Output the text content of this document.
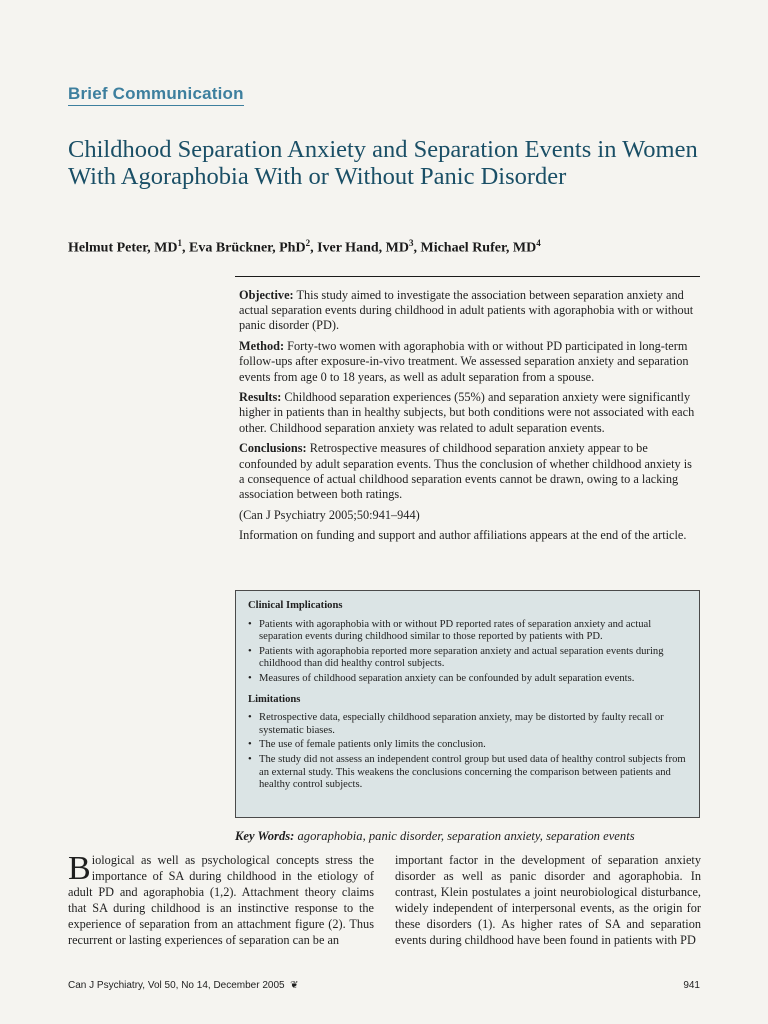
Brief Communication
Childhood Separation Anxiety and Separation Events in Women With Agoraphobia With or Without Panic Disorder
Helmut Peter, $MD^1$, Eva Brückner, PhD$^2$, Iver Hand, $MD^3$, Michael Rufer, $MD^4$

Objective: This study aimed to investigate the association between separation anxiety and actual separation events during childhood in adult patients with agoraphobia with or without panic disorder (PD).

Method: Forty-two women with agoraphobia with or without PD participated in long-term follow-ups after exposure-in-vivo treatment. We assessed separation anxiety and separation events from age 0 to 18 years, as well as adult separation from a spouse.

Results: Childhood separation experiences (55%) and separation anxiety were significantly higher in patients than in healthy subjects, but both conditions were not associated with each other. Childhood separation anxiety was related to adult separation events.

Conclusions: Retrospective measures of childhood separation anxiety appear to be confounded by adult separation events. Thus the conclusion of whether childhood anxiety is a consequence of actual childhood separation events cannot be drawn, owing to a lacking association between both ratings.

(Can J Psychiatry 2005;50:941–944)

Information on funding and support and author affiliations appears at the end of the article.

Clinical Implications
• Patients with agoraphobia with or without PD reported rates of separation anxiety and actual separation events during childhood similar to those reported by patients with PD.
• Patients with agoraphobia reported more separation anxiety and actual separation events during childhood than did healthy control subjects.
• Measures of childhood separation anxiety can be confounded by adult separation events.
Limitations
• Retrospective data, especially childhood separation anxiety, may be distorted by faulty recall or systematic biases.
• The use of female patients only limits the conclusion.
• The study did not assess an independent control group but used data of healthy control subjects from an external study. This weakens the conclusions concerning the comparison between patients and healthy control subjects.
Key Words: agoraphobia, panic disorder, separation anxiety, separation events
Biological as well as psychological concepts stress the importance of SA during childhood in the etiology of adult PD and agoraphobia (1,2). Attachment theory claims that SA during childhood is an instinctive response to the experience of separation from an attachment figure (2). Thus recurrent or lasting experiences of separation can be an
important factor in the development of separation anxiety disorder as well as panic disorder and agoraphobia. In contrast, Klein postulates a joint neurobiological disturbance, widely independent of interpersonal events, as the origin for these disorders (1). As higher rates of SA and separation events during childhood have been found in patients with PD
Can J Psychiatry, Vol 50, No 14, December 2005 ❦	941
